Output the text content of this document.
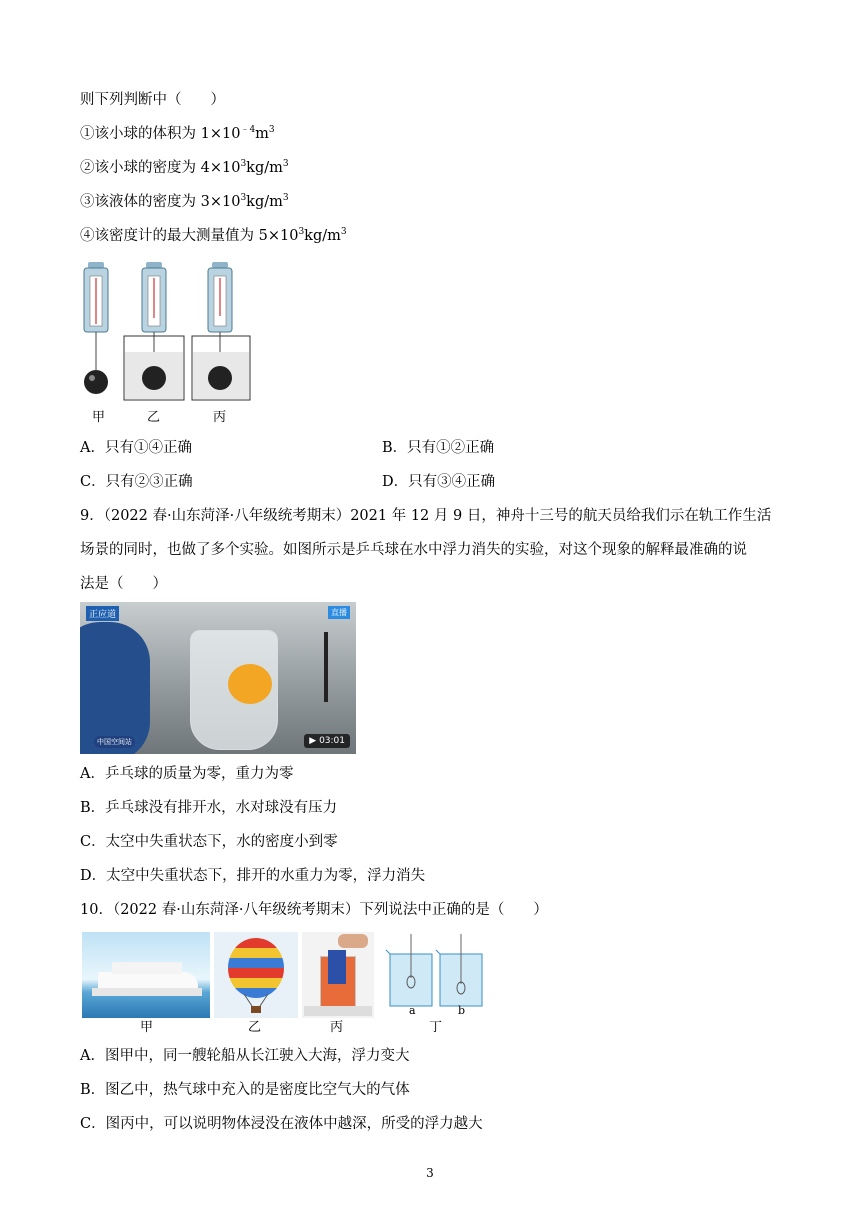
则下列判断中（　　）
①该小球的体积为 $1\times 10^{﹣4}m^3$
②该小球的密度为 $4\times 10^3kg/m^3$
③该液体的密度为 $3\times 10^3kg/m^3$
④该密度计的最大测量值为 $5\times 10^3kg/m^3$
甲	乙	丙
A．只有①④正确	B．只有①②正确
C．只有②③正确	D．只有③④正确
9．（2022 春·山东菏泽·八年级统考期末）2021 年 12 月 9 日，神舟十三号的航天员给我们示在轨工作生活
场景的同时，也做了多个实验。如图所示是乒乓球在水中浮力消失的实验，对这个现象的解释最准确的说
法是（　　）
正应道	直播
中国空间站	▶ 03:01
A．乒乓球的质量为零，重力为零
B．乒乓球没有排开水，水对球没有压力
C．太空中失重状态下，水的密度小到零
D．太空中失重状态下，排开的水重力为零，浮力消失
10．（2022 春·山东菏泽·八年级统考期末）下列说法中正确的是（　　）
a	b
甲	乙	丙	丁
A．图甲中，同一艘轮船从长江驶入大海，浮力变大
B．图乙中，热气球中充入的是密度比空气大的气体
C．图丙中，可以说明物体浸没在液体中越深，所受的浮力越大
3
